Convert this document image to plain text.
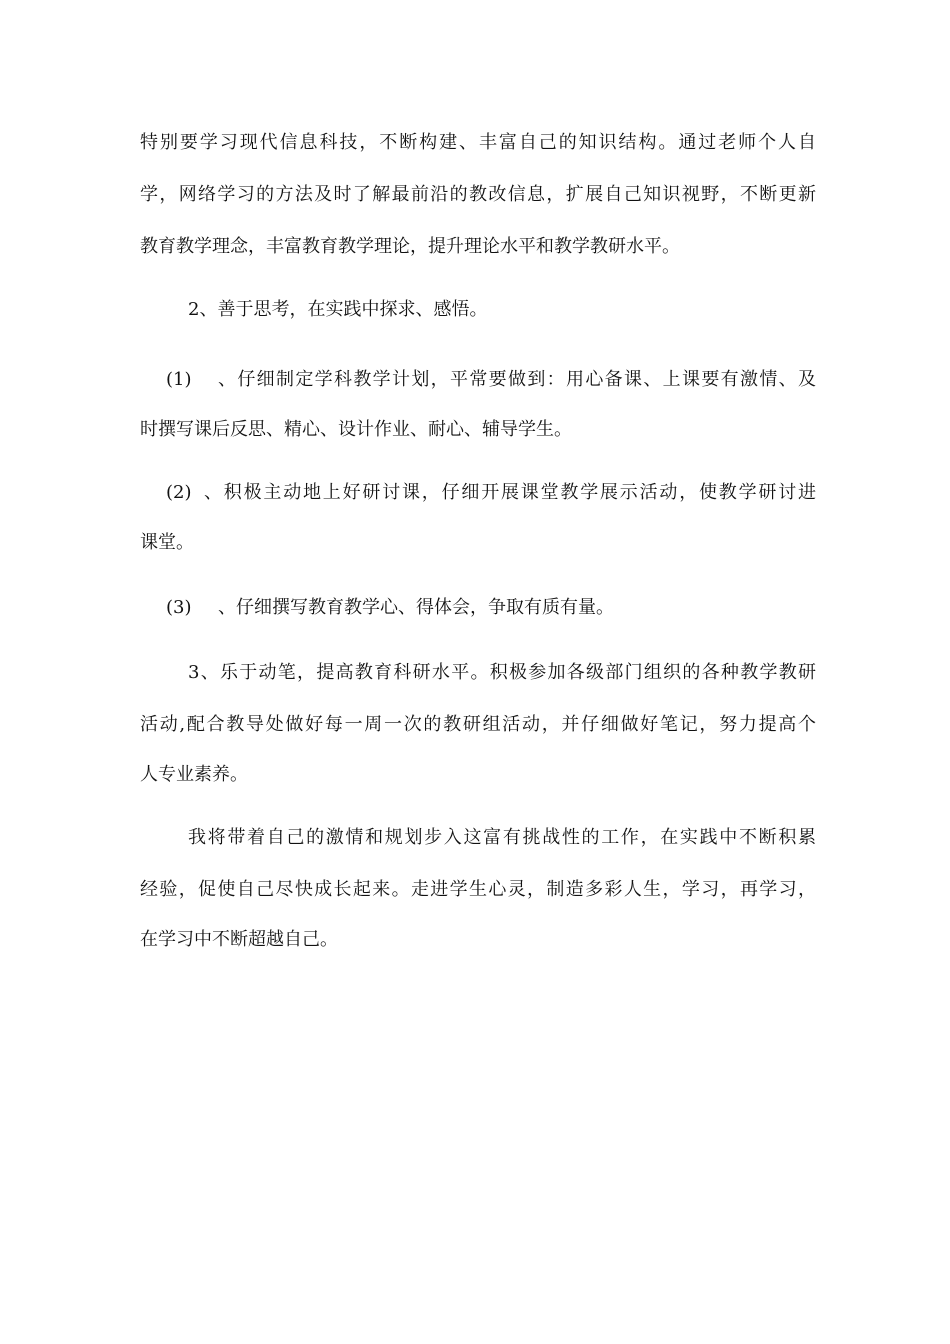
特别要学习现代信息科技，不断构建、丰富自己的知识结构。通过老师个人自

学，网络学习的方法及时了解最前沿的教改信息，扩展自己知识视野，不断更新

教育教学理念，丰富教育教学理论，提升理论水平和教学教研水平。

2、善于思考，在实践中探求、感悟。

(1) 、仔细制定学科教学计划，平常要做到：用心备课、上课要有激情、及

时撰写课后反思、精心、设计作业、耐心、辅导学生。

(2) 、积极主动地上好研讨课，仔细开展课堂教学展示活动，使教学研讨进

课堂。

(3) 、仔细撰写教育教学心、得体会，争取有质有量。

3、乐于动笔，提高教育科研水平。积极参加各级部门组织的各种教学教研

活动,配合教导处做好每一周一次的教研组活动，并仔细做好笔记，努力提高个

人专业素养。

我将带着自己的激情和规划步入这富有挑战性的工作，在实践中不断积累

经验，促使自己尽快成长起来。走进学生心灵，制造多彩人生，学习，再学习，

在学习中不断超越自己。
